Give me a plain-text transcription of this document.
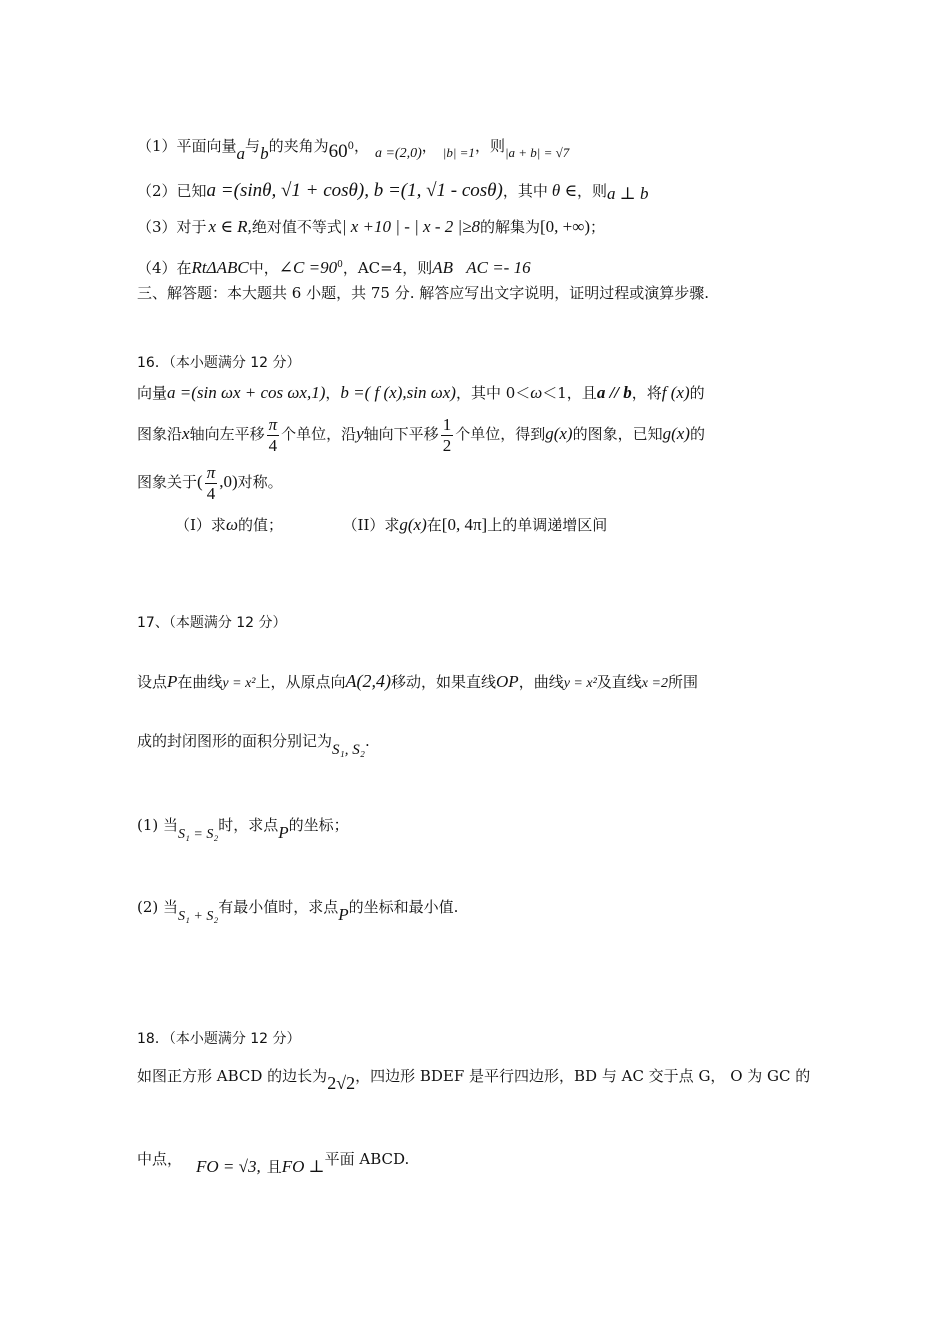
（1）平面向量a与b的夹角为$60^0$， a =(2,0)， |b| =1，则|a + b| = √7
（2）已知a =(sinθ, √1 + cosθ), b =(1, √1 - cosθ)，其中 θ ∈，则a ⊥ b
（3）对于 x ∈ R,绝对值不等式| x +10 | - | x - 2 |≥8的解集为[0, +∞)；
（4）在RtΔABC中，∠C $=90^0$，AC=4，则AB⃞AC =- 16
三、解答题：本大题共 6 小题，共 75 分. 解答应写出文字说明，证明过程或演算步骤.
16．（本小题满分 12 分）
向量a =(sin ωx + cos ωx,1)，b =( f (x),sin ωx)，其中 0＜ω＜1，且a // b，将f (x)的
图象沿x轴向左平移 $\frac{\pi}{4}$ 个单位，沿y轴向下平移 $\frac{1}{2}$ 个单位，得到g(x)的图象，已知g(x)的
图象关于( $\frac{\pi}{4} ,0$)对称。
（I）求ω的值；	（II）求g(x)在[0, 4π]上的单调递增区间
17、（本题满分 12 分）
设点P在曲线y = x²上，从原点向A(2,4)移动，如果直线OP，曲线y = x²及直线x =2所围
成的封闭图形的面积分别记为S₁, S₂.
(1) 当S₁ = S₂时，求点P的坐标；
(2) 当S₁ + S₂有最小值时，求点P的坐标和最小值.
18．（本小题满分 12 分）
如图正方形 ABCD 的边长为2√2，四边形 BDEF 是平行四边形，BD 与 AC 交于点 G， O 为 GC 的
中点， FO = √3, 且FO ⊥平面 ABCD.
